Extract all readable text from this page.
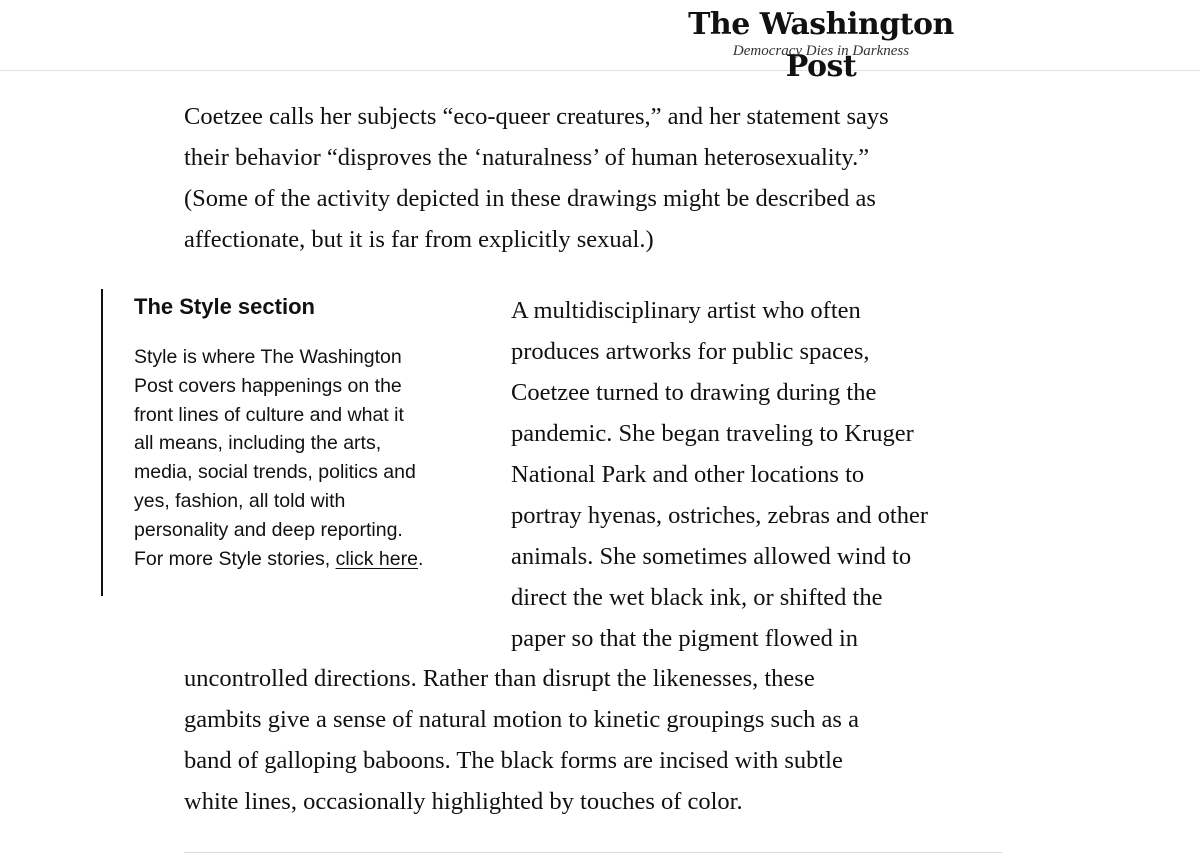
The Washington Post
Democracy Dies in Darkness

Coetzee calls her subjects “eco-queer creatures,” and her statement says
their behavior “disproves the ‘naturalness’ of human heterosexuality.”
(Some of the activity depicted in these drawings might be described as
affectionate, but it is far from explicitly sexual.)

The Style section
Style is where The Washington
Post covers happenings on the
front lines of culture and what it
all means, including the arts,
media, social trends, politics and
yes, fashion, all told with
personality and deep reporting.
For more Style stories, click here.

A multidisciplinary artist who often
produces artworks for public spaces,
Coetzee turned to drawing during the
pandemic. She began traveling to Kruger
National Park and other locations to
portray hyenas, ostriches, zebras and other
animals. She sometimes allowed wind to
direct the wet black ink, or shifted the
paper so that the pigment flowed in

uncontrolled directions. Rather than disrupt the likenesses, these
gambits give a sense of natural motion to kinetic groupings such as a
band of galloping baboons. The black forms are incised with subtle
white lines, occasionally highlighted by touches of color.
